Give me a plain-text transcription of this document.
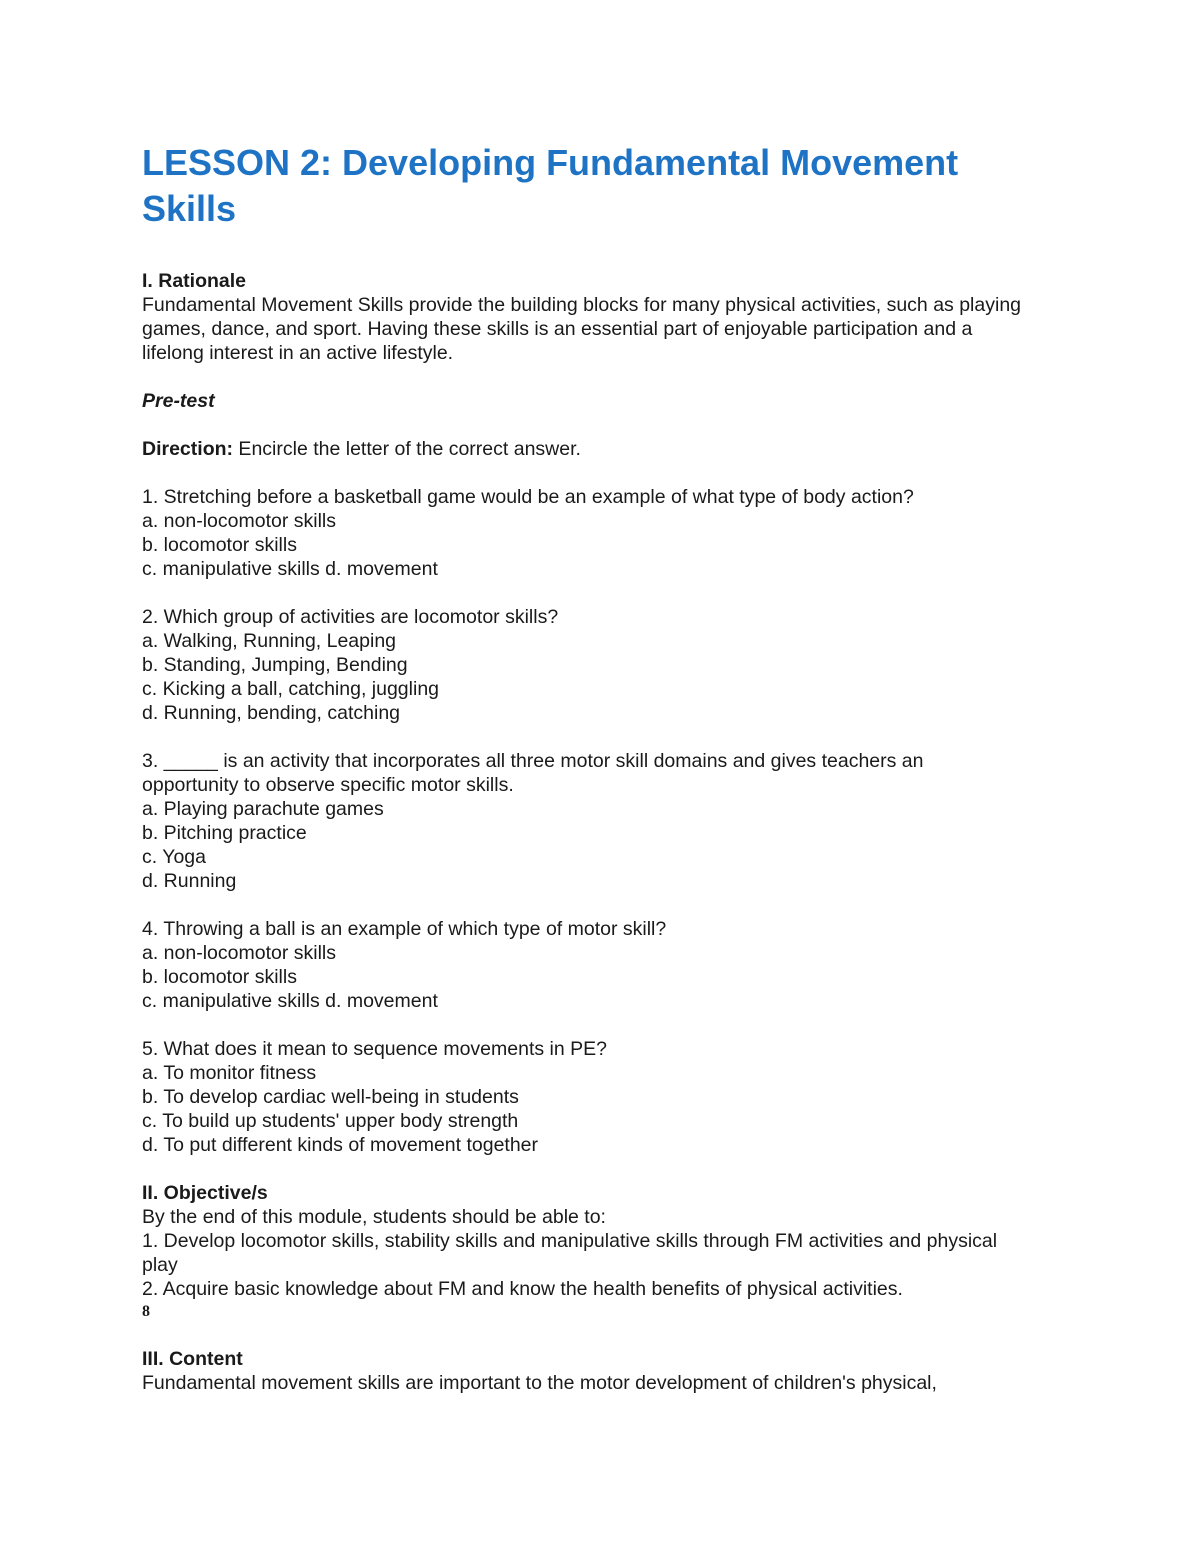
LESSON 2: Developing Fundamental Movement Skills
I. Rationale
Fundamental Movement Skills provide the building blocks for many physical activities, such as playing games, dance, and sport. Having these skills is an essential part of enjoyable participation and a lifelong interest in an active lifestyle.
Pre-test
Direction: Encircle the letter of the correct answer.
1. Stretching before a basketball game would be an example of what type of body action?
a. non-locomotor skills
b. locomotor skills
c. manipulative skills d. movement
2. Which group of activities are locomotor skills?
a. Walking, Running, Leaping
b. Standing, Jumping, Bending
c. Kicking a ball, catching, juggling
d. Running, bending, catching
3. _____ is an activity that incorporates all three motor skill domains and gives teachers an opportunity to observe specific motor skills.
a. Playing parachute games
b. Pitching practice
c. Yoga
d. Running
4. Throwing a ball is an example of which type of motor skill?
a. non-locomotor skills
b. locomotor skills
c. manipulative skills d. movement
5. What does it mean to sequence movements in PE?
a. To monitor fitness
b. To develop cardiac well-being in students
c. To build up students' upper body strength
d. To put different kinds of movement together
II. Objective/s
By the end of this module, students should be able to:
1. Develop locomotor skills, stability skills and manipulative skills through FM activities and physical play
2. Acquire basic knowledge about FM and know the health benefits of physical activities.
8
III. Content
Fundamental movement skills are important to the motor development of children's physical,
